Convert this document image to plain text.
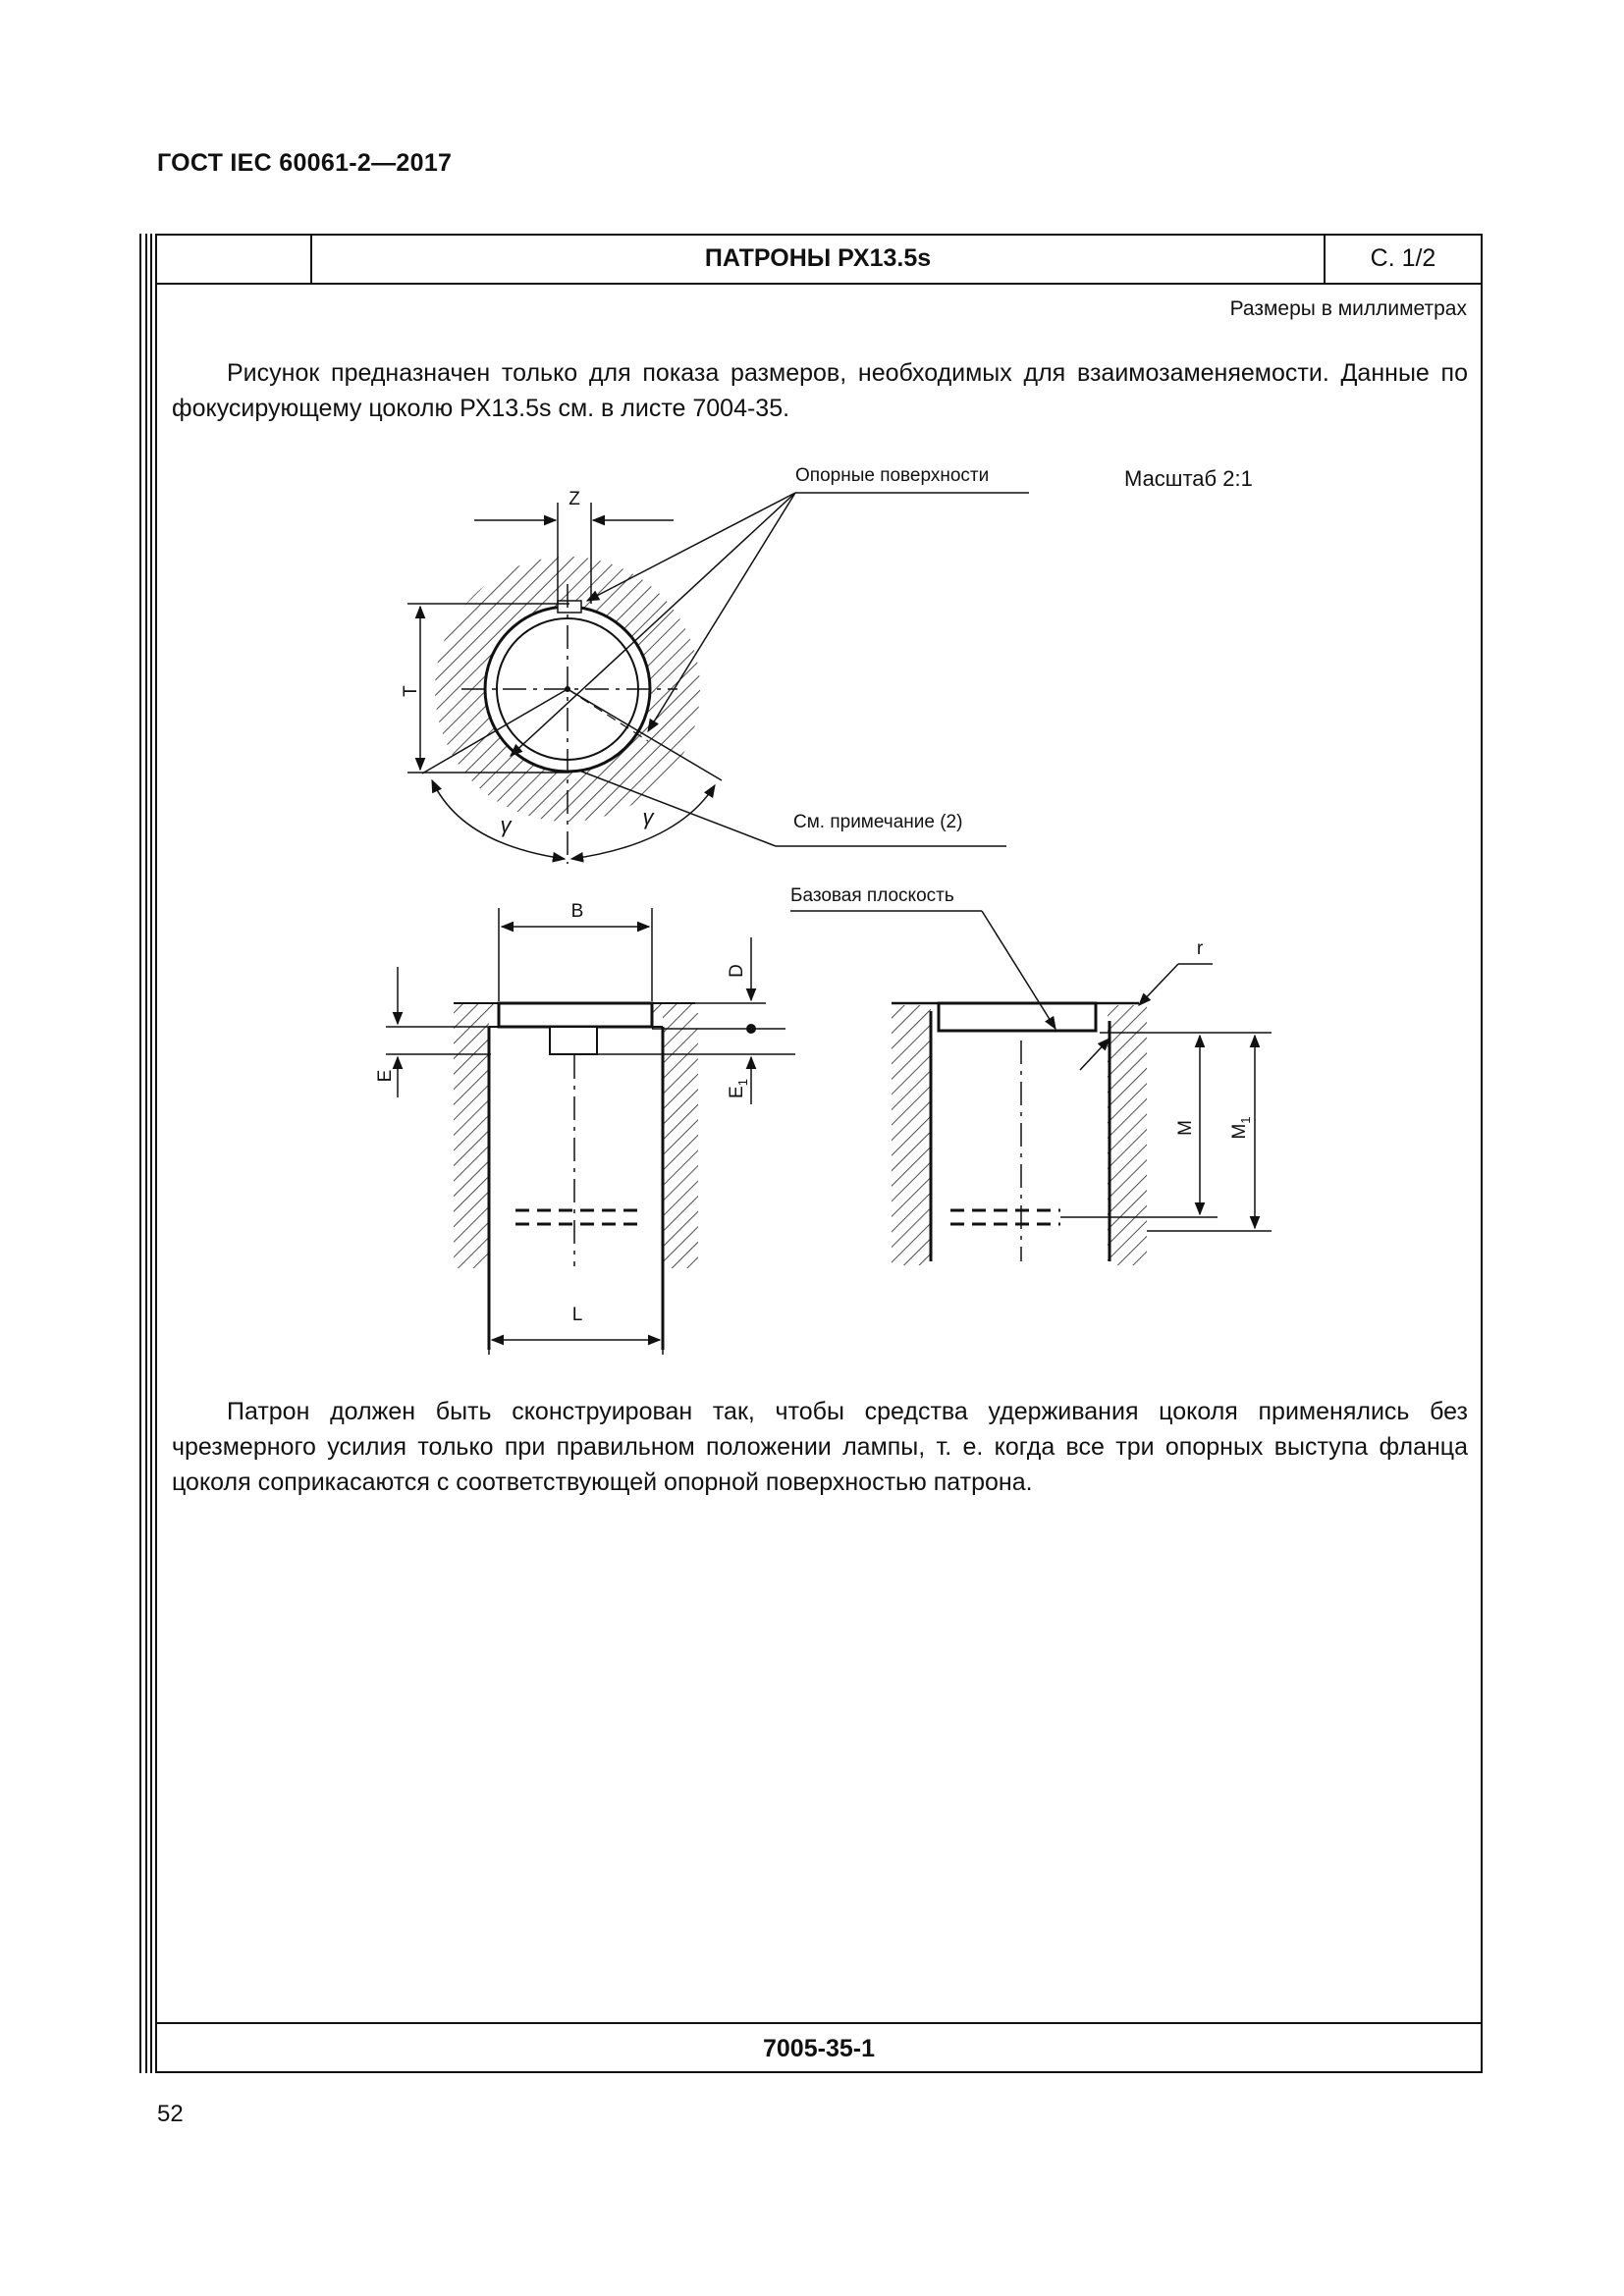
ГОСТ IEC 60061-2—2017
ПАТРОНЫ РХ13.5s	С. 1/2
Размеры в миллиметрах
Рисунок предназначен только для показа размеров, необходимых для взаимозаменяемости. Данные по фокусирующему цоколю РХ13.5s см. в листе 7004-35.
Z
T
γ	γ
Опорные поверхности	Масштаб 2:1
См. примечание (2)
B
E
D
$E_1$
L
Базовая плоскость
r
M $M_1$
Патрон должен быть сконструирован так, чтобы средства удерживания цоколя применялись без чрезмерного усилия только при правильном положении лампы, т. е. когда все три опорных выступа фланца цоколя соприкасаются с соответствующей опорной поверхностью патрона.
7005-35-1
52
